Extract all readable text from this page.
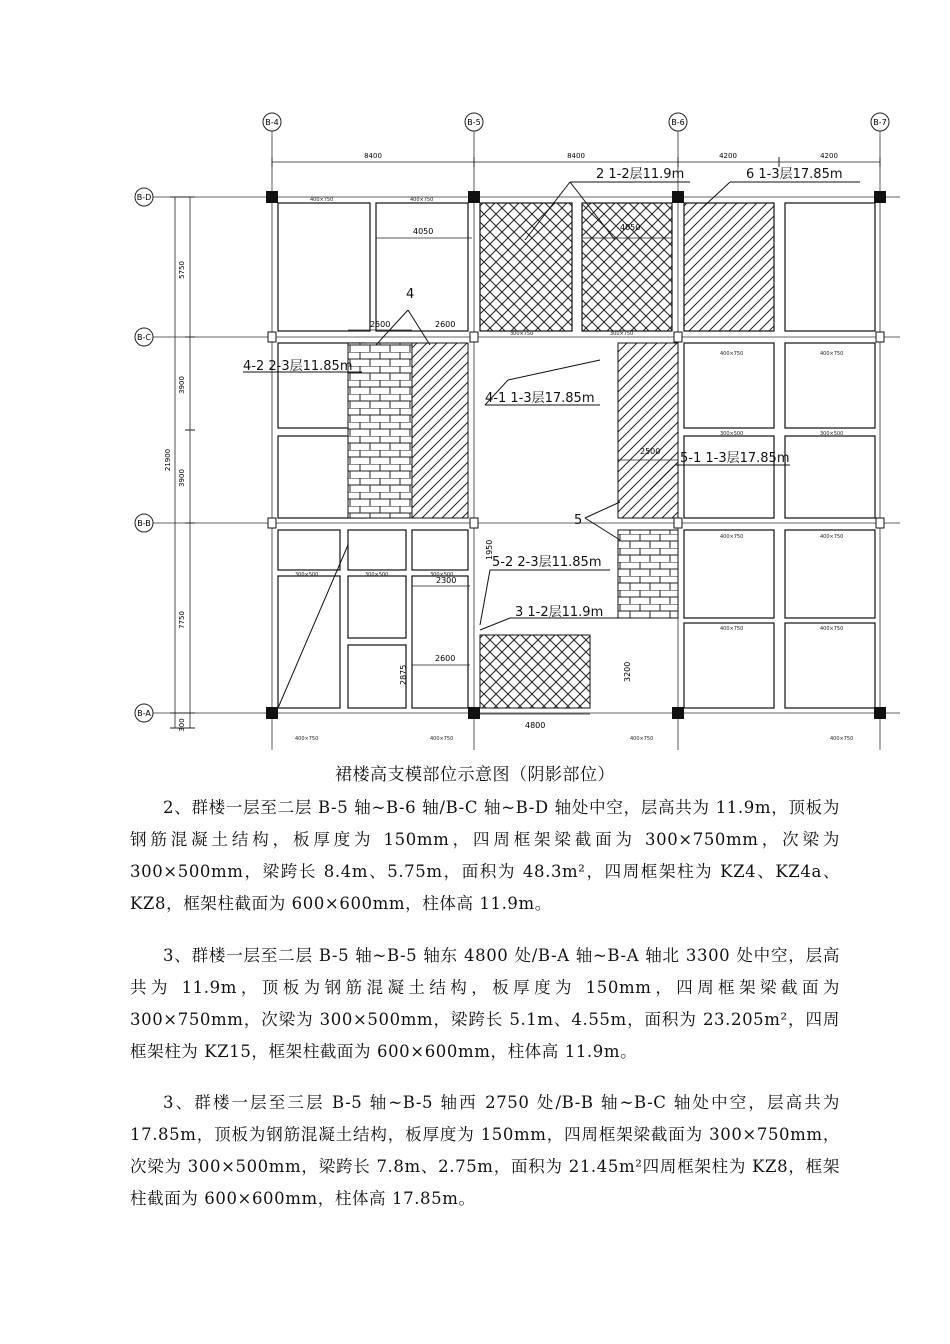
B-4	B-5	B-6	B-7
B-D
B-C
B-B
B-A
8400	8400	4200	4200
5750
3900
3900
7750
300
21900
400×750	400×750
300×750	300×750
400×750	400×750
300×500	300×500
400×750	400×750
400×750	400×750
300×500	300×500	300×500
400×750	400×750	400×750	400×750
4050	4050
2500	2600
2500
2300
2600
4800
3200
2875
1950
2 1-2层11.9m	6 1-3层17.85m
4
4-2 2-3层11.85m
4-1 1-3层17.85m
5-1 1-3层17.85m
5
5-2 2-3层11.85m
3 1-2层11.9m
裙楼高支模部位示意图（阴影部位）

2、群楼一层至二层 B-5 轴~B-6 轴/B-C 轴~B-D 轴处中空，层高共为 11.9m，顶板为钢筋混凝土结构，板厚度为 150mm，四周框架梁截面为 300×750mm，次梁为 300×500mm，梁跨长 8.4m、5.75m，面积为 48.3m²，四周框架柱为 KZ4、KZ4a、KZ8，框架柱截面为 600×600mm，柱体高 11.9m。

3、群楼一层至二层 B-5 轴~B-5 轴东 4800 处/B-A 轴~B-A 轴北 3300 处中空，层高共为 11.9m，顶板为钢筋混凝土结构，板厚度为 150mm，四周框架梁截面为 300×750mm，次梁为 300×500mm，梁跨长 5.1m、4.55m，面积为 23.205m²，四周框架柱为 KZ15，框架柱截面为 600×600mm，柱体高 11.9m。

3、群楼一层至三层 B-5 轴~B-5 轴西 2750 处/B-B 轴~B-C 轴处中空，层高共为 17.85m，顶板为钢筋混凝土结构，板厚度为 150mm，四周框架梁截面为 300×750mm，次梁为 300×500mm，梁跨长 7.8m、2.75m，面积为 21.45m²四周框架柱为 KZ8，框架柱截面为 600×600mm，柱体高 17.85m。
